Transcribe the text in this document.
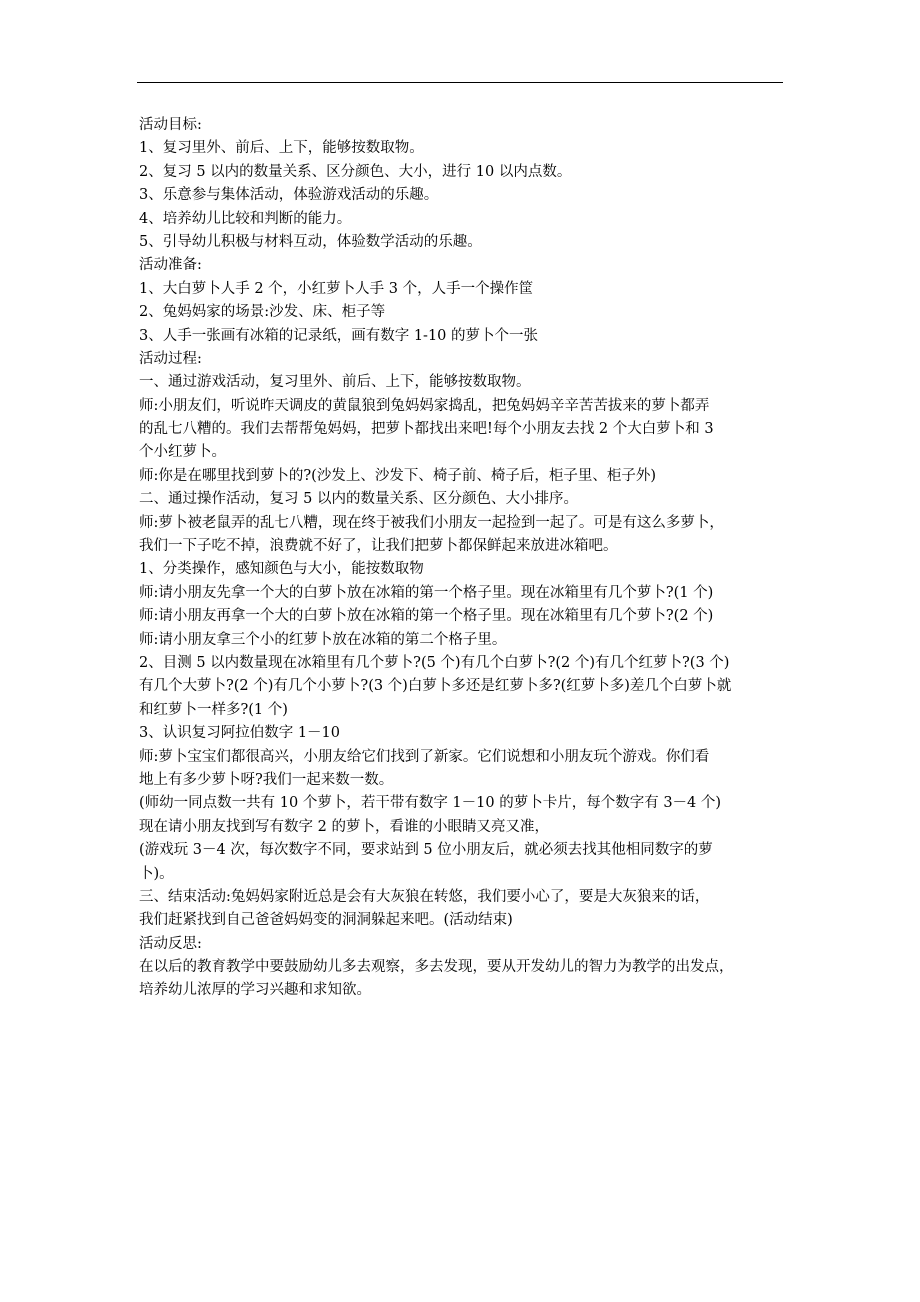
活动目标:
1、复习里外、前后、上下，能够按数取物。
2、复习 5 以内的数量关系、区分颜色、大小，进行 10 以内点数。
3、乐意参与集体活动，体验游戏活动的乐趣。
4、培养幼儿比较和判断的能力。
5、引导幼儿积极与材料互动，体验数学活动的乐趣。
活动准备:
1、大白萝卜人手 2 个，小红萝卜人手 3 个，人手一个操作筐
2、兔妈妈家的场景:沙发、床、柜子等
3、人手一张画有冰箱的记录纸，画有数字 1-10 的萝卜个一张
活动过程:
一、通过游戏活动，复习里外、前后、上下，能够按数取物。
师:小朋友们，听说昨天调皮的黄鼠狼到兔妈妈家捣乱，把兔妈妈辛辛苦苦拔来的萝卜都弄
的乱七八糟的。我们去帮帮兔妈妈，把萝卜都找出来吧!每个小朋友去找 2 个大白萝卜和 3
个小红萝卜。
师:你是在哪里找到萝卜的?(沙发上、沙发下、椅子前、椅子后，柜子里、柜子外)
二、通过操作活动，复习 5 以内的数量关系、区分颜色、大小排序。
师:萝卜被老鼠弄的乱七八糟，现在终于被我们小朋友一起捡到一起了。可是有这么多萝卜，
我们一下子吃不掉，浪费就不好了，让我们把萝卜都保鲜起来放进冰箱吧。
1、分类操作，感知颜色与大小，能按数取物
师:请小朋友先拿一个大的白萝卜放在冰箱的第一个格子里。现在冰箱里有几个萝卜?(1 个)
师:请小朋友再拿一个大的白萝卜放在冰箱的第一个格子里。现在冰箱里有几个萝卜?(2 个)
师:请小朋友拿三个小的红萝卜放在冰箱的第二个格子里。
2、目测 5 以内数量现在冰箱里有几个萝卜?(5 个)有几个白萝卜?(2 个)有几个红萝卜?(3 个)
有几个大萝卜?(2 个)有几个小萝卜?(3 个)白萝卜多还是红萝卜多?(红萝卜多)差几个白萝卜就
和红萝卜一样多?(1 个)
3、认识复习阿拉伯数字 1－10
师:萝卜宝宝们都很高兴，小朋友给它们找到了新家。它们说想和小朋友玩个游戏。你们看
地上有多少萝卜呀?我们一起来数一数。
(师幼一同点数一共有 10 个萝卜，若干带有数字 1－10 的萝卜卡片，每个数字有 3－4 个)
现在请小朋友找到写有数字 2 的萝卜，看谁的小眼睛又亮又准，
(游戏玩 3－4 次，每次数字不同，要求站到 5 位小朋友后，就必须去找其他相同数字的萝
卜)。
三、结束活动:兔妈妈家附近总是会有大灰狼在转悠，我们要小心了，要是大灰狼来的话，
我们赶紧找到自己爸爸妈妈变的洞洞躲起来吧。(活动结束)
活动反思:
在以后的教育教学中要鼓励幼儿多去观察，多去发现，要从开发幼儿的智力为教学的出发点，
培养幼儿浓厚的学习兴趣和求知欲。
